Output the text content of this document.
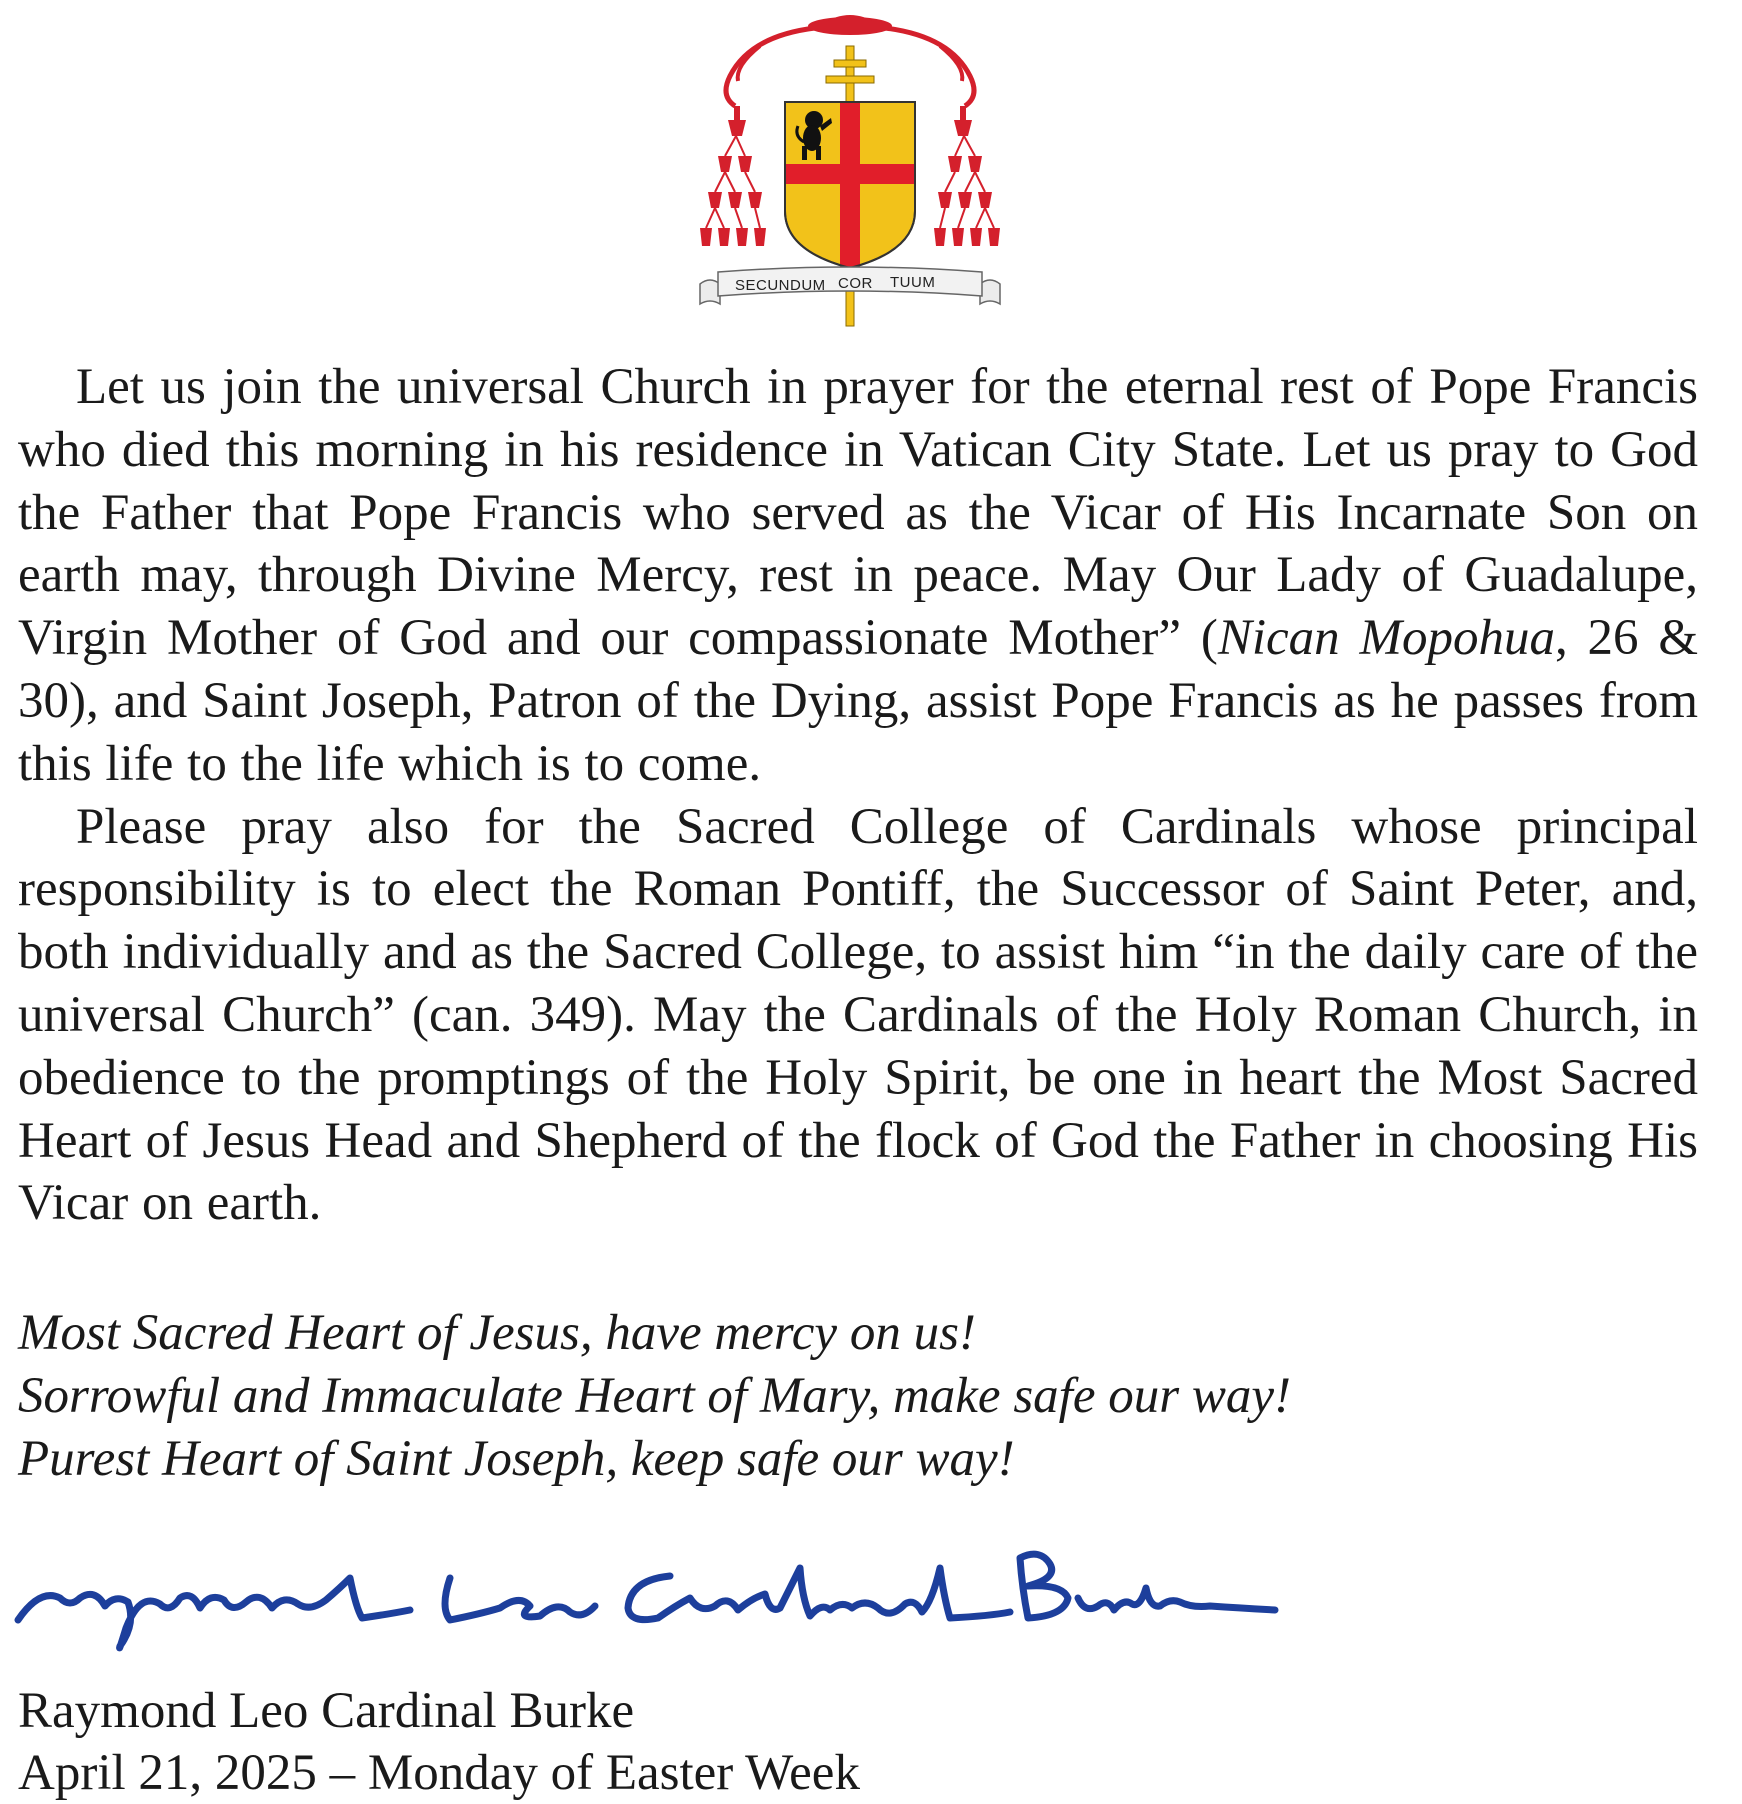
SECUNDUM COR TUUM

Let us join the universal Church in prayer for the eternal rest of Pope Francis who died this morning in his residence in Vatican City State. Let us pray to God the Father that Pope Francis who served as the Vicar of His Incarnate Son on earth may, through Divine Mercy, rest in peace. May Our Lady of Guadalupe, Virgin Mother of God and our compassionate Mother” (Nican Mopohua, 26 & 30), and Saint Joseph, Patron of the Dying, assist Pope Francis as he passes from this life to the life which is to come.

Please pray also for the Sacred College of Cardinals whose principal responsibility is to elect the Roman Pontiff, the Successor of Saint Peter, and, both individually and as the Sacred College, to assist him “in the daily care of the universal Church” (can. 349). May the Cardinals of the Holy Roman Church, in obedience to the promptings of the Holy Spirit, be one in heart the Most Sacred Heart of Jesus Head and Shepherd of the flock of God the Father in choosing His Vicar on earth.

Most Sacred Heart of Jesus, have mercy on us!
Sorrowful and Immaculate Heart of Mary, make safe our way!
Purest Heart of Saint Joseph, keep safe our way!
Raymond Leo Cardinal Burke
April 21, 2025 – Monday of Easter Week
